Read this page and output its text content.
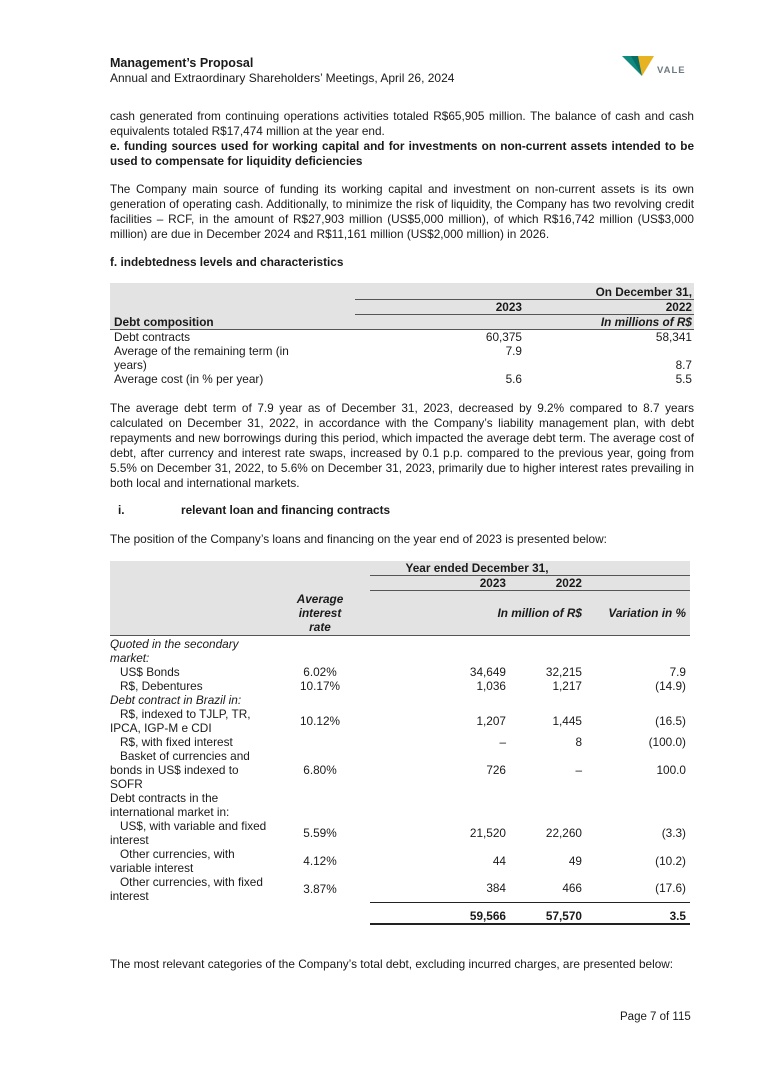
Management’s Proposal
Annual and Extraordinary Shareholders’ Meetings, April 26, 2024
VALE
cash generated from continuing operations activities totaled R$65,905 million. The balance of cash and cash equivalents totaled R$17,474 million at the year end.
e. funding sources used for working capital and for investments on non-current assets intended to be used to compensate for liquidity deficiencies
The Company main source of funding its working capital and investment on non-current assets is its own generation of operating cash. Additionally, to minimize the risk of liquidity, the Company has two revolving credit facilities – RCF, in the amount of R$27,903 million (US$5,000 million), of which R$16,742 million (US$3,000 million) are due in December 2024 and R$11,161 million (US$2,000 million) in 2026.
f. indebtedness levels and characteristics
	On December 31,	
	2023	2022
Debt composition		In millions of R$
Debt contracts	60,375	58,341

Average of the remaining term (in years)	7.9	8.7
Average cost (in % per year)	5.6	5.5
The average debt term of 7.9 year as of December 31, 2023, decreased by 9.2% compared to 8.7 years calculated on December 31, 2022, in accordance with the Company’s liability management plan, with debt repayments and new borrowings during this period, which impacted the average debt term. The average cost of debt, after currency and interest rate swaps, increased by 0.1 p.p. compared to the previous year, going from 5.5% on December 31, 2022, to 5.6% on December 31, 2023, primarily due to higher interest rates prevailing in both local and international markets.
i.	relevant loan and financing contracts
The position of the Company’s loans and financing on the year end of 2023 is presented below:
			Year ended December 31,		
			2023	2022	

	Average interest rate		In million of R$		Variation in %

Quoted in the secondary market:					

US$ Bonds	6.02%		34,649	32,215	7.9
R$, Debentures	10.17%		1,036	1,217	(14.9)
Debt contract in Brazil in:					

R$, indexed to TJLP, TR, IPCA, IGP-M e CDI	10.12%		1,207	1,445	(16.5)
R$, with fixed interest			–	8	(100.0)

Basket of currencies and bonds in US$ indexed to SOFR	6.80%		726	–	100.0

Debt contracts in the international market in:					

US$, with variable and fixed interest	5.59%		21,520	22,260	(3.3)

Other currencies, with variable interest	4.12%		44	49	(10.2)

Other currencies, with fixed interest	3.87%		384	466	(17.6)

			59,566	57,570	3.5
The most relevant categories of the Company’s total debt, excluding incurred charges, are presented below:
Page 7 of 115
